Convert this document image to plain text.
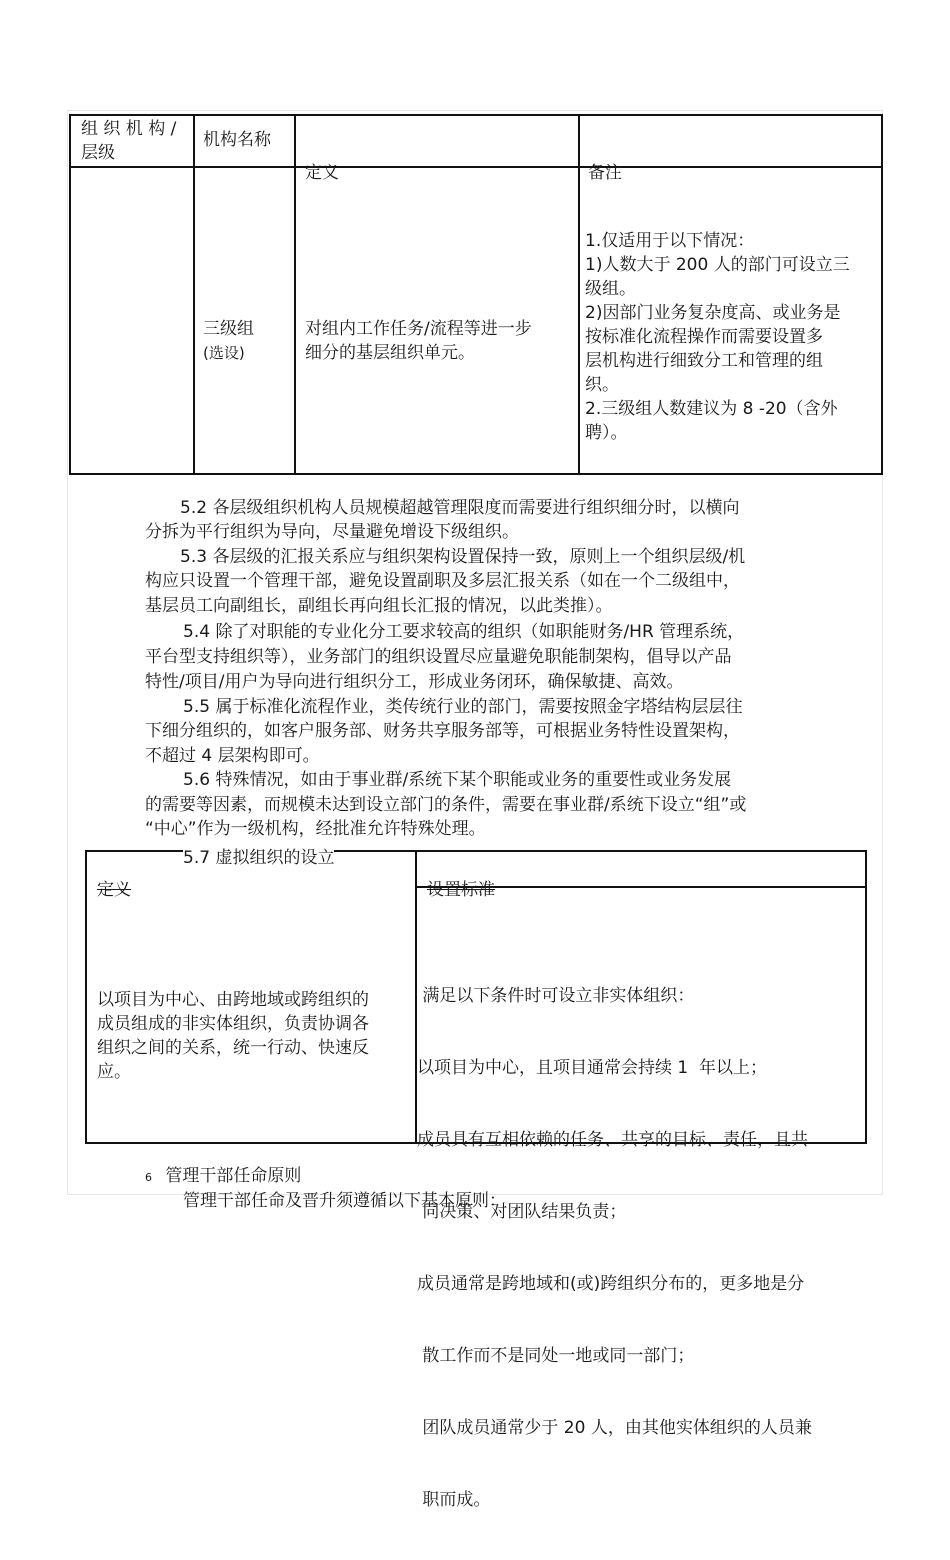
组 织 机 构 /
层级
机构名称
定义	备注
三级组
(选设)
对组内工作任务/流程等进一步
细分的基层组织单元。
1.仅适用于以下情况：
1)人数大于 200 人的部门可设立三
级组。
2)因部门业务复杂度高、或业务是
按标准化流程操作而需要设置多
层机构进行细致分工和管理的组
织。
2.三级组人数建议为 8 -20（含外
聘）。
5.2 各层级组织机构人员规模超越管理限度而需要进行组织细分时，以横向
分拆为平行组织为导向，尽量避免增设下级组织。
5.3 各层级的汇报关系应与组织架构设置保持一致，原则上一个组织层级/机
构应只设置一个管理干部，避免设置副职及多层汇报关系（如在一个二级组中，
基层员工向副组长，副组长再向组长汇报的情况，以此类推）。
5.4 除了对职能的专业化分工要求较高的组织（如职能财务/HR 管理系统，
平台型支持组织等），业务部门的组织设置尽应量避免职能制架构，倡导以产品
特性/项目/用户为导向进行组织分工，形成业务闭环，确保敏捷、高效。
5.5 属于标准化流程作业，类传统行业的部门，需要按照金字塔结构层层往
下细分组织的，如客户服务部、财务共享服务部等，可根据业务特性设置架构，
不超过 4 层架构即可。
5.6 特殊情况，如由于事业群/系统下某个职能或业务的重要性或业务发展
的需要等因素，而规模未达到设立部门的条件，需要在事业群/系统下设立“组”或
“中心”作为一级机构，经批准允许特殊处理。
定义	设置标准
以项目为中心、由跨地域或跨组织的
成员组成的非实体组织，负责协调各
组织之间的关系，统一行动、快速反
应。

满足以下条件时可设立非实体组织：

以项目为中心，且项目通常会持续 1  年以上；

成员具有互相依赖的任务、共享的目标、责任，且共

同决策、对团队结果负责；

成员通常是跨地域和(或)跨组织分布的，更多地是分

散工作而不是同处一地或同一部门；

团队成员通常少于 20 人，由其他实体组织的人员兼

职而成。

5.7 虚拟组织的设立
6 管理干部任命原则
管理干部任命及晋升须遵循以下基本原则：
